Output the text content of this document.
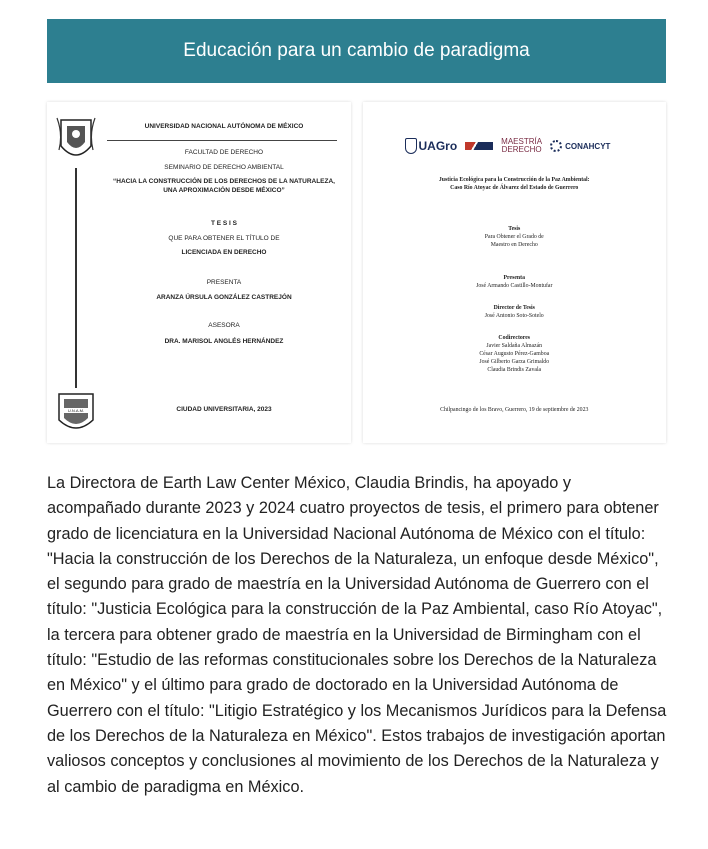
Educación para un cambio de paradigma
U.N.A.M.
UNIVERSIDAD NACIONAL AUTÓNOMA DE MÉXICO
FACULTAD DE DERECHO
SEMINARIO DE DERECHO AMBIENTAL
“HACIA LA CONSTRUCCIÓN DE LOS DERECHOS DE LA NATURALEZA, UNA APROXIMACIÓN DESDE MÉXICO”
T E S I S
QUE PARA OBTENER EL TÍTULO DE
LICENCIADA EN DERECHO
PRESENTA
ARANZA ÚRSULA GONZÁLEZ CASTREJÓN
ASESORA
DRA. MARISOL ANGLÉS HERNÁNDEZ
CIUDAD UNIVERSITARIA, 2023
UAGro	MAESTRÍA
DERECHO	CONAHCYT
Justicia Ecológica para la Construcción de la Paz Ambiental:
Caso Río Atoyac de Álvarez del Estado de Guerrero
Tesis
Para Obtener el Grado de
Maestro en Derecho
Presenta
José Armando Castillo-Montufar
Director de Tesis
José Antonio Soto-Sotelo
Codirectores
Javier Saldaña Almazán
César Augusto Pérez-Gamboa
José Gilberto Garza Grimaldo
Claudia Brindis Zavala
Chilpancingo de los Bravo, Guerrero, 19 de septiembre de 2023
La Directora de Earth Law Center México, Claudia Brindis, ha apoyado y acompañado durante 2023 y 2024 cuatro proyectos de tesis, el primero para obtener grado de licenciatura en la Universidad Nacional Autónoma de México con el título: "Hacia la construcción de los Derechos de la Naturaleza, un enfoque desde México", el segundo para grado de maestría en la Universidad Autónoma de Guerrero con el título: "Justicia Ecológica para la construcción de la Paz Ambiental, caso Río Atoyac", la tercera para obtener grado de maestría en la Universidad de Birmingham con el título: "Estudio de las reformas constitucionales sobre los Derechos de la Naturaleza en México" y el último para grado de doctorado en la Universidad Autónoma de Guerrero con el título: "Litigio Estratégico y los Mecanismos Jurídicos para la Defensa de los Derechos de la Naturaleza en México". Estos trabajos de investigación aportan valiosos conceptos y conclusiones al movimiento de los Derechos de la Naturaleza y al cambio de paradigma en México.
